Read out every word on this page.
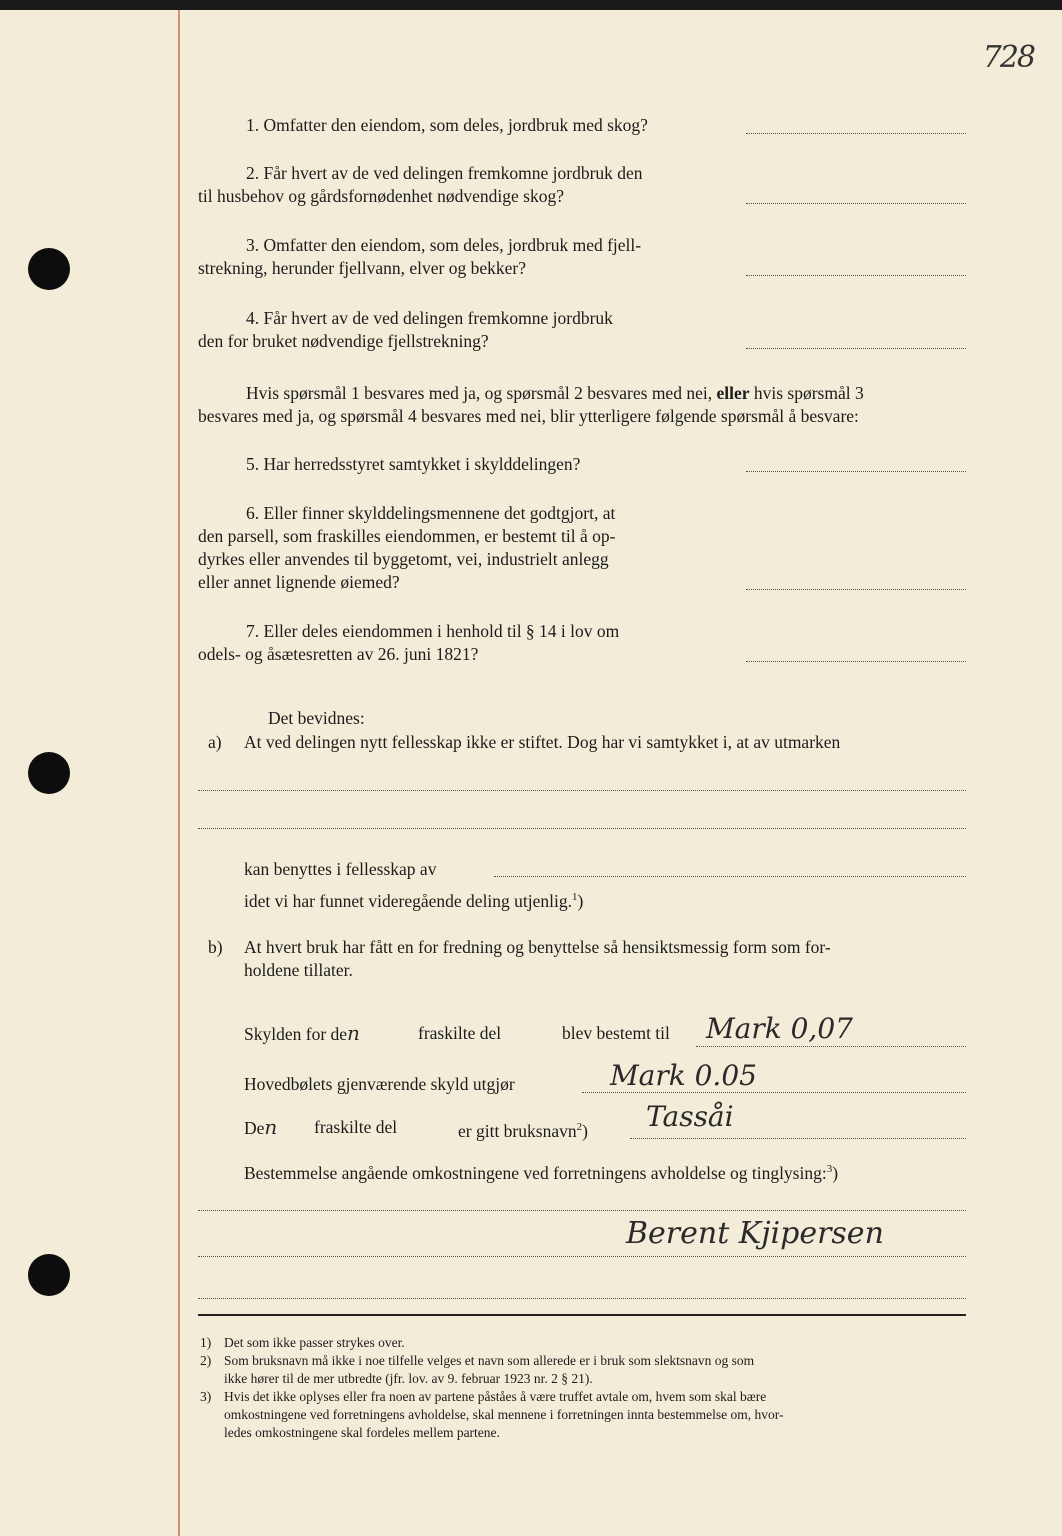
728
1. Omfatter den eiendom, som deles, jordbruk med skog?
2. Får hvert av de ved delingen fremkomne jordbruk den
til husbehov og gårdsfornødenhet nødvendige skog?
3. Omfatter den eiendom, som deles, jordbruk med fjell-
strekning, herunder fjellvann, elver og bekker?
4. Får hvert av de ved delingen fremkomne jordbruk
den for bruket nødvendige fjellstrekning?
Hvis spørsmål 1 besvares med ja, og spørsmål 2 besvares med nei, eller hvis spørsmål 3
besvares med ja, og spørsmål 4 besvares med nei, blir ytterligere følgende spørsmål å besvare:
5. Har herredsstyret samtykket i skylddelingen?
6. Eller finner skylddelingsmennene det godtgjort, at
den parsell, som fraskilles eiendommen, er bestemt til å op-
dyrkes eller anvendes til byggetomt, vei, industrielt anlegg
eller annet lignende øiemed?
7. Eller deles eiendommen i henhold til § 14 i lov om
odels- og åsætesretten av 26. juni 1821?
Det bevidnes:
a) At ved delingen nytt fellesskap ikke er stiftet. Dog har vi samtykket i, at av utmarken
kan benyttes i fellesskap av
idet vi har funnet videregående deling utjenlig.$^1$)
b) At hvert bruk har fått en for fredning og benyttelse så hensiktsmessig form som for-
holdene tillater.
Skylden for den	fraskilte del	blev bestemt til Mark 0,07
Hovedbølets gjenværende skyld utgjør	Mark 0.05
Den fraskilte del	er gitt bruksnavn$^2$) Tassåi
Bestemmelse angående omkostningene ved forretningens avholdelse og tinglysing:$^3$)
Berent Kjipersen
1) Det som ikke passer strykes over.
2) Som bruksnavn må ikke i noe tilfelle velges et navn som allerede er i bruk som slektsnavn og som
ikke hører til de mer utbredte (jfr. lov. av 9. februar 1923 nr. 2 § 21).
3) Hvis det ikke oplyses eller fra noen av partene påståes å være truffet avtale om, hvem som skal bære
omkostningene ved forretningens avholdelse, skal mennene i forretningen innta bestemmelse om, hvor-
ledes omkostningene skal fordeles mellem partene.
